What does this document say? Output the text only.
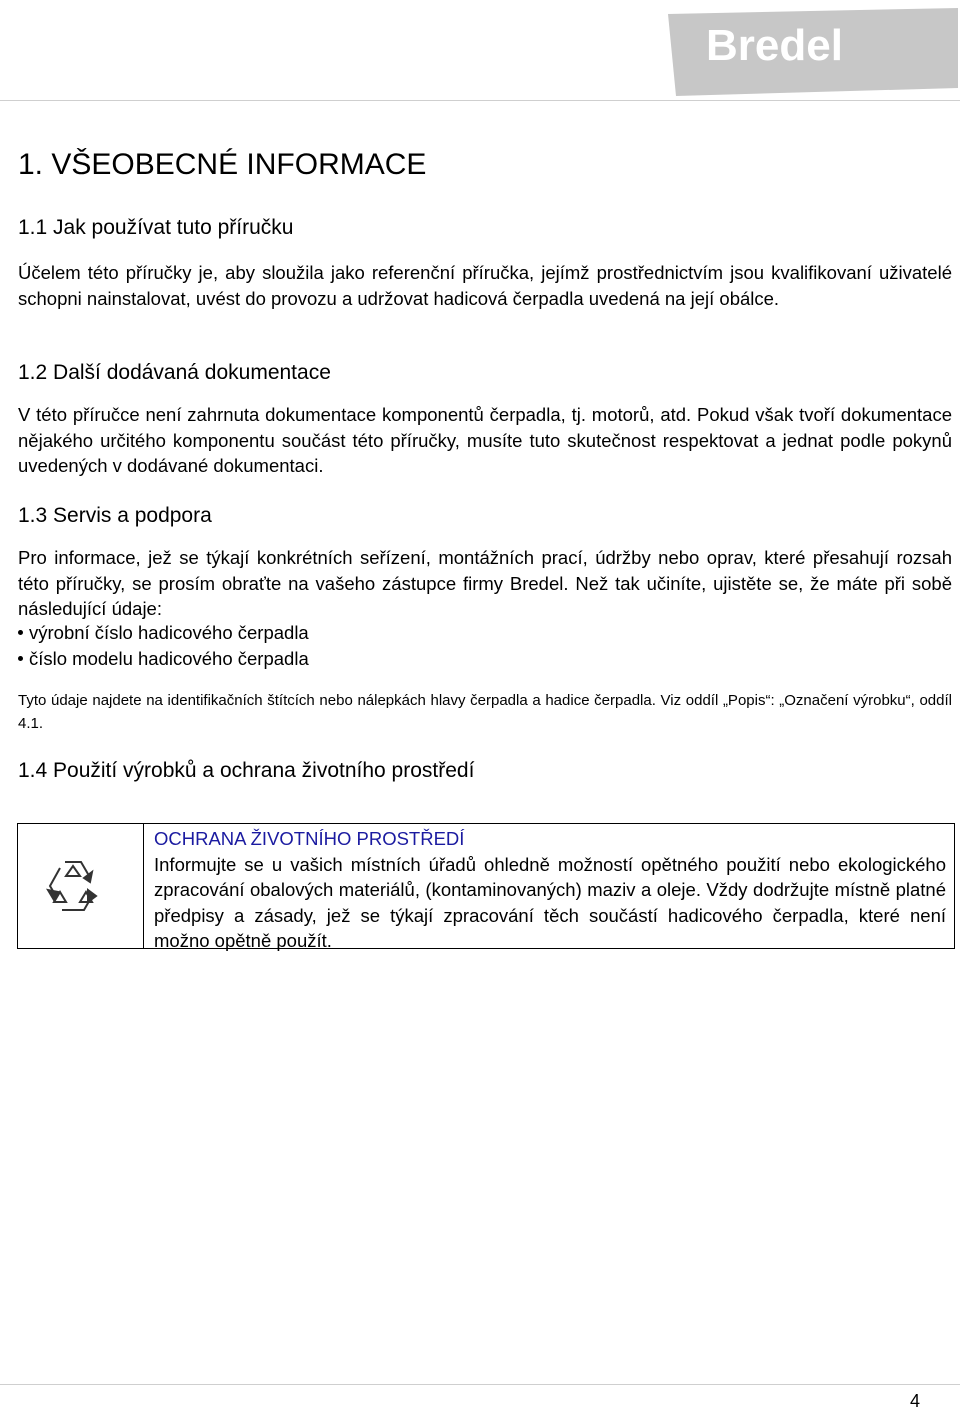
Bredel
1. VŠEOBECNÉ INFORMACE
1.1 Jak používat tuto příručku

Účelem této příručky je, aby sloužila jako referenční příručka, jejímž prostřednictvím jsou kvalifikovaní uživatelé schopni nainstalovat, uvést do provozu a udržovat hadicová čerpadla uvedená na její obálce.

1.2 Další dodávaná dokumentace

V této příručce není zahrnuta dokumentace komponentů čerpadla, tj. motorů, atd. Pokud však tvoří dokumentace nějakého určitého komponentu součást této příručky, musíte tuto skutečnost respektovat a jednat podle pokynů uvedených v dodávané dokumentaci.

1.3 Servis a podpora

Pro informace, jež se týkají konkrétních seřízení, montážních prací, údržby nebo oprav, které přesahují rozsah této příručky, se prosím obraťte na vašeho zástupce firmy Bredel. Než tak učiníte, ujistěte se, že máte při sobě následující údaje:

výrobní číslo hadicového čerpadla
číslo modelu hadicového čerpadla

Tyto údaje najdete na identifikačních štítcích nebo nálepkách hlavy čerpadla a hadice čerpadla. Viz oddíl „Popis“: „Označení výrobku“, oddíl 4.1.

1.4 Použití výrobků a ochrana životního prostředí

OCHRANA ŽIVOTNÍHO PROSTŘEDÍ
Informujte se u vašich místních úřadů ohledně možností opětného použití nebo ekologického zpracování obalových materiálů, (kontaminovaných) maziv a oleje. Vždy dodržujte místně platné předpisy a zásady, jež se týkají zpracování těch součástí hadicového čerpadla, které není možno opětně použít.

4
